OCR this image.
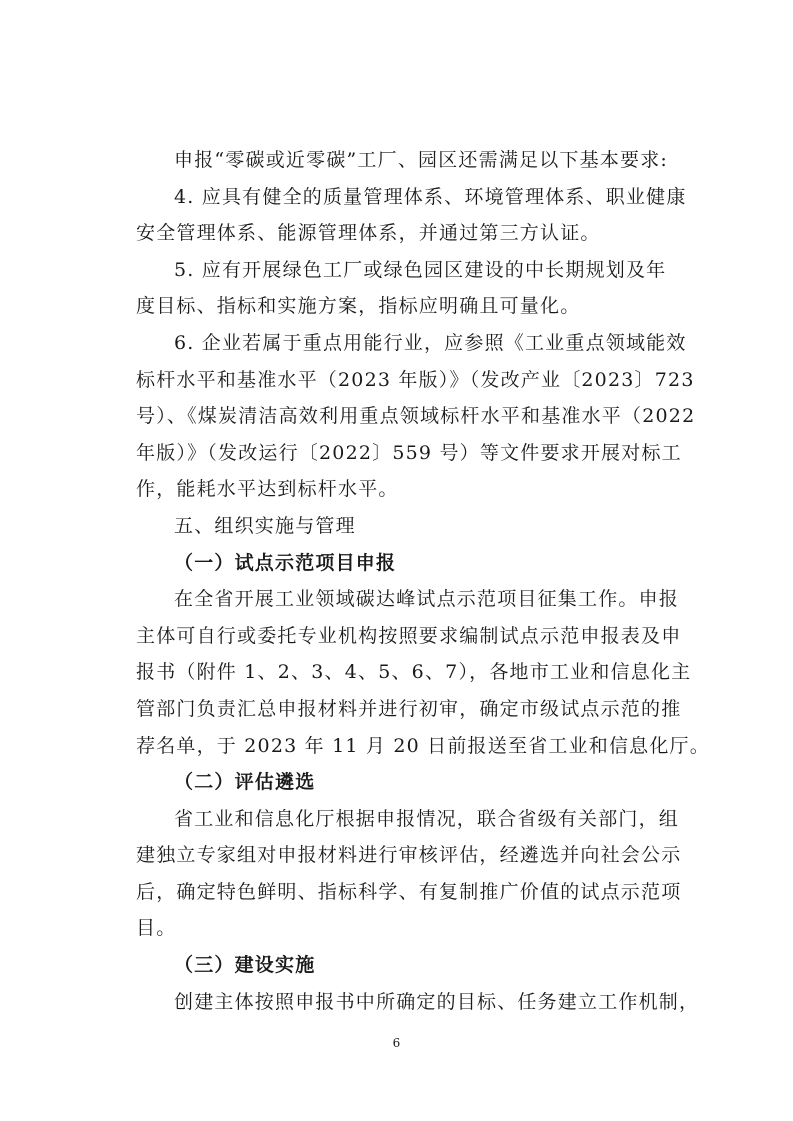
申报“零碳或近零碳”工厂、园区还需满足以下基本要求:
4. 应具有健全的质量管理体系、环境管理体系、职业健康
安全管理体系、能源管理体系，并通过第三方认证。
5. 应有开展绿色工厂或绿色园区建设的中长期规划及年
度目标、指标和实施方案，指标应明确且可量化。
6. 企业若属于重点用能行业，应参照《工业重点领域能效
标杆水平和基准水平（2023 年版）》（发改产业〔2023〕723
号）、《煤炭清洁高效利用重点领域标杆水平和基准水平（2022
年版）》（发改运行〔2022〕559 号）等文件要求开展对标工
作，能耗水平达到标杆水平。
五、组织实施与管理
（一）试点示范项目申报
在全省开展工业领域碳达峰试点示范项目征集工作。申报
主体可自行或委托专业机构按照要求编制试点示范申报表及申
报书（附件 1、2、3、4、5、6、7），各地市工业和信息化主
管部门负责汇总申报材料并进行初审，确定市级试点示范的推
荐名单，于 2023 年 11 月 20 日前报送至省工业和信息化厅。
（二）评估遴选
省工业和信息化厅根据申报情况，联合省级有关部门，组
建独立专家组对申报材料进行审核评估，经遴选并向社会公示
后，确定特色鲜明、指标科学、有复制推广价值的试点示范项
目。
（三）建设实施
创建主体按照申报书中所确定的目标、任务建立工作机制，
6
